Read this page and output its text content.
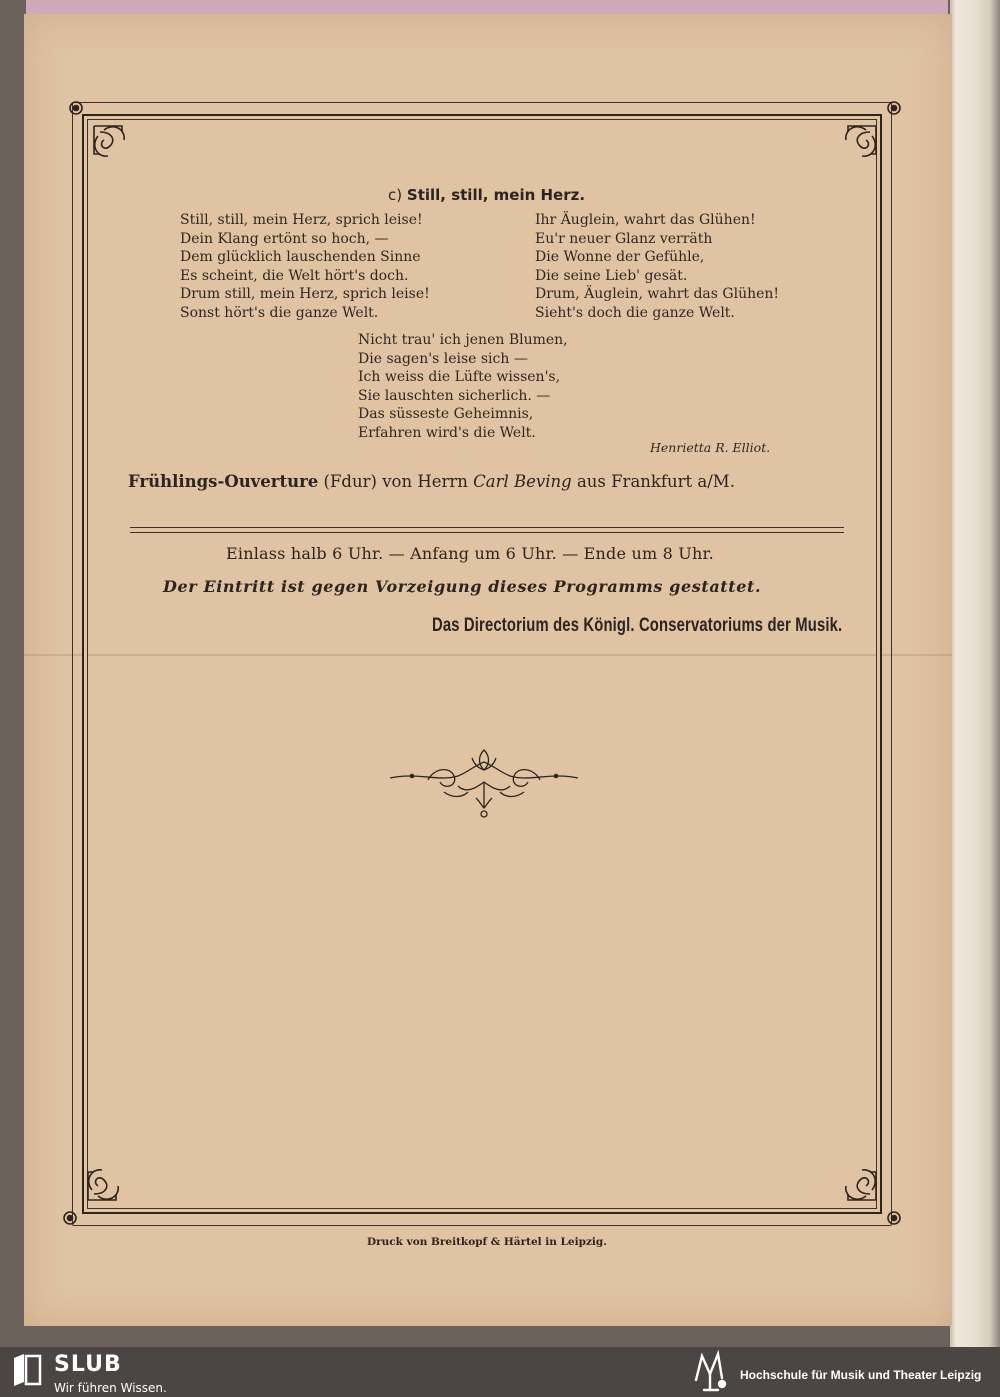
c) Still, still, mein Herz.
Still, still, mein Herz, sprich leise!
Dein Klang ertönt so hoch, —
Dem glücklich lauschenden Sinne
Es scheint, die Welt hört's doch.
Drum still, mein Herz, sprich leise!
Sonst hört's die ganze Welt.
Ihr Äuglein, wahrt das Glühen!
Eu'r neuer Glanz verräth
Die Wonne der Gefühle,
Die seine Lieb' gesät.
Drum, Äuglein, wahrt das Glühen!
Sieht's doch die ganze Welt.
Nicht trau' ich jenen Blumen,
Die sagen's leise sich —
Ich weiss die Lüfte wissen's,
Sie lauschten sicherlich. —
Das süsseste Geheimnis,
Erfahren wird's die Welt.
Henrietta R. Elliot.
Frühlings-Ouverture (Fdur) von Herrn Carl Beving aus Frankfurt a/M.
Einlass halb 6 Uhr. — Anfang um 6 Uhr. — Ende um 8 Uhr.
Der Eintritt ist gegen Vorzeigung dieses Programms gestattet.
Das Directorium des Königl. Conservatoriums der Musik.
Druck von Breitkopf & Härtel in Leipzig.
SLUB
Wir führen Wissen.
Hochschule für Musik und Theater Leipzig
